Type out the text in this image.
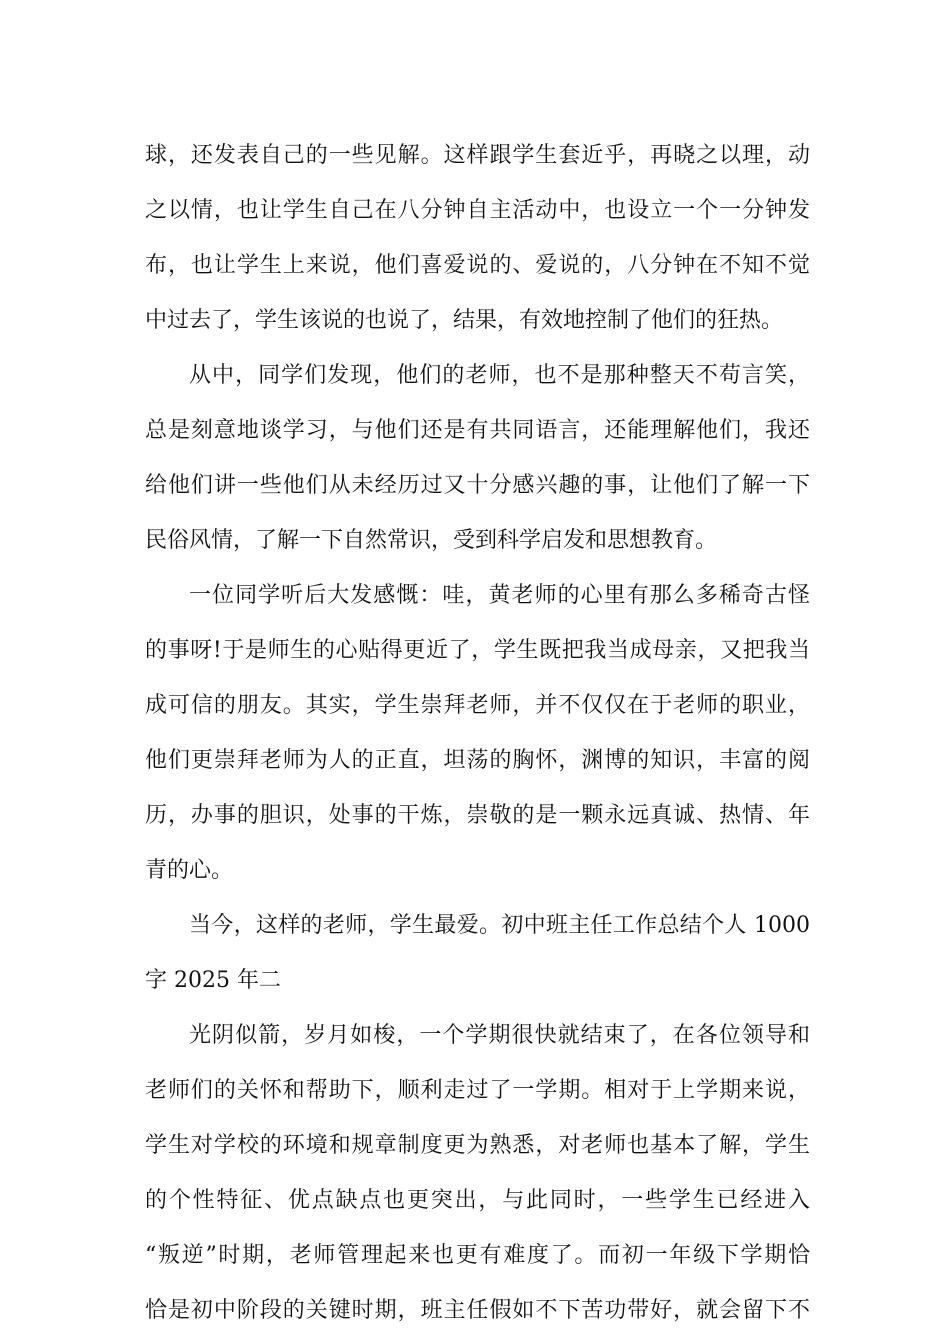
球，还发表自己的一些见解。这样跟学生套近乎，再晓之以理，动
之以情，也让学生自己在八分钟自主活动中，也设立一个一分钟发
布，也让学生上来说，他们喜爱说的、爱说的，八分钟在不知不觉
中过去了，学生该说的也说了，结果，有效地控制了他们的狂热。
从中，同学们发现，他们的老师，也不是那种整天不苟言笑，
总是刻意地谈学习，与他们还是有共同语言，还能理解他们，我还
给他们讲一些他们从未经历过又十分感兴趣的事，让他们了解一下
民俗风情，了解一下自然常识，受到科学启发和思想教育。
一位同学听后大发感慨：哇，黄老师的心里有那么多稀奇古怪
的事呀!于是师生的心贴得更近了，学生既把我当成母亲，又把我当
成可信的朋友。其实，学生崇拜老师，并不仅仅在于老师的职业，
他们更崇拜老师为人的正直，坦荡的胸怀，渊博的知识，丰富的阅
历，办事的胆识，处事的干炼，崇敬的是一颗永远真诚、热情、年
青的心。
当今，这样的老师，学生最爱。初中班主任工作总结个人 1000
字 2025 年二
光阴似箭，岁月如梭，一个学期很快就结束了，在各位领导和
老师们的关怀和帮助下，顺利走过了一学期。相对于上学期来说，
学生对学校的环境和规章制度更为熟悉，对老师也基本了解，学生
的个性特征、优点缺点也更突出，与此同时，一些学生已经进入
“叛逆”时期，老师管理起来也更有难度了。而初一年级下学期恰
恰是初中阶段的关键时期，班主任假如不下苦功带好，就会留下不
